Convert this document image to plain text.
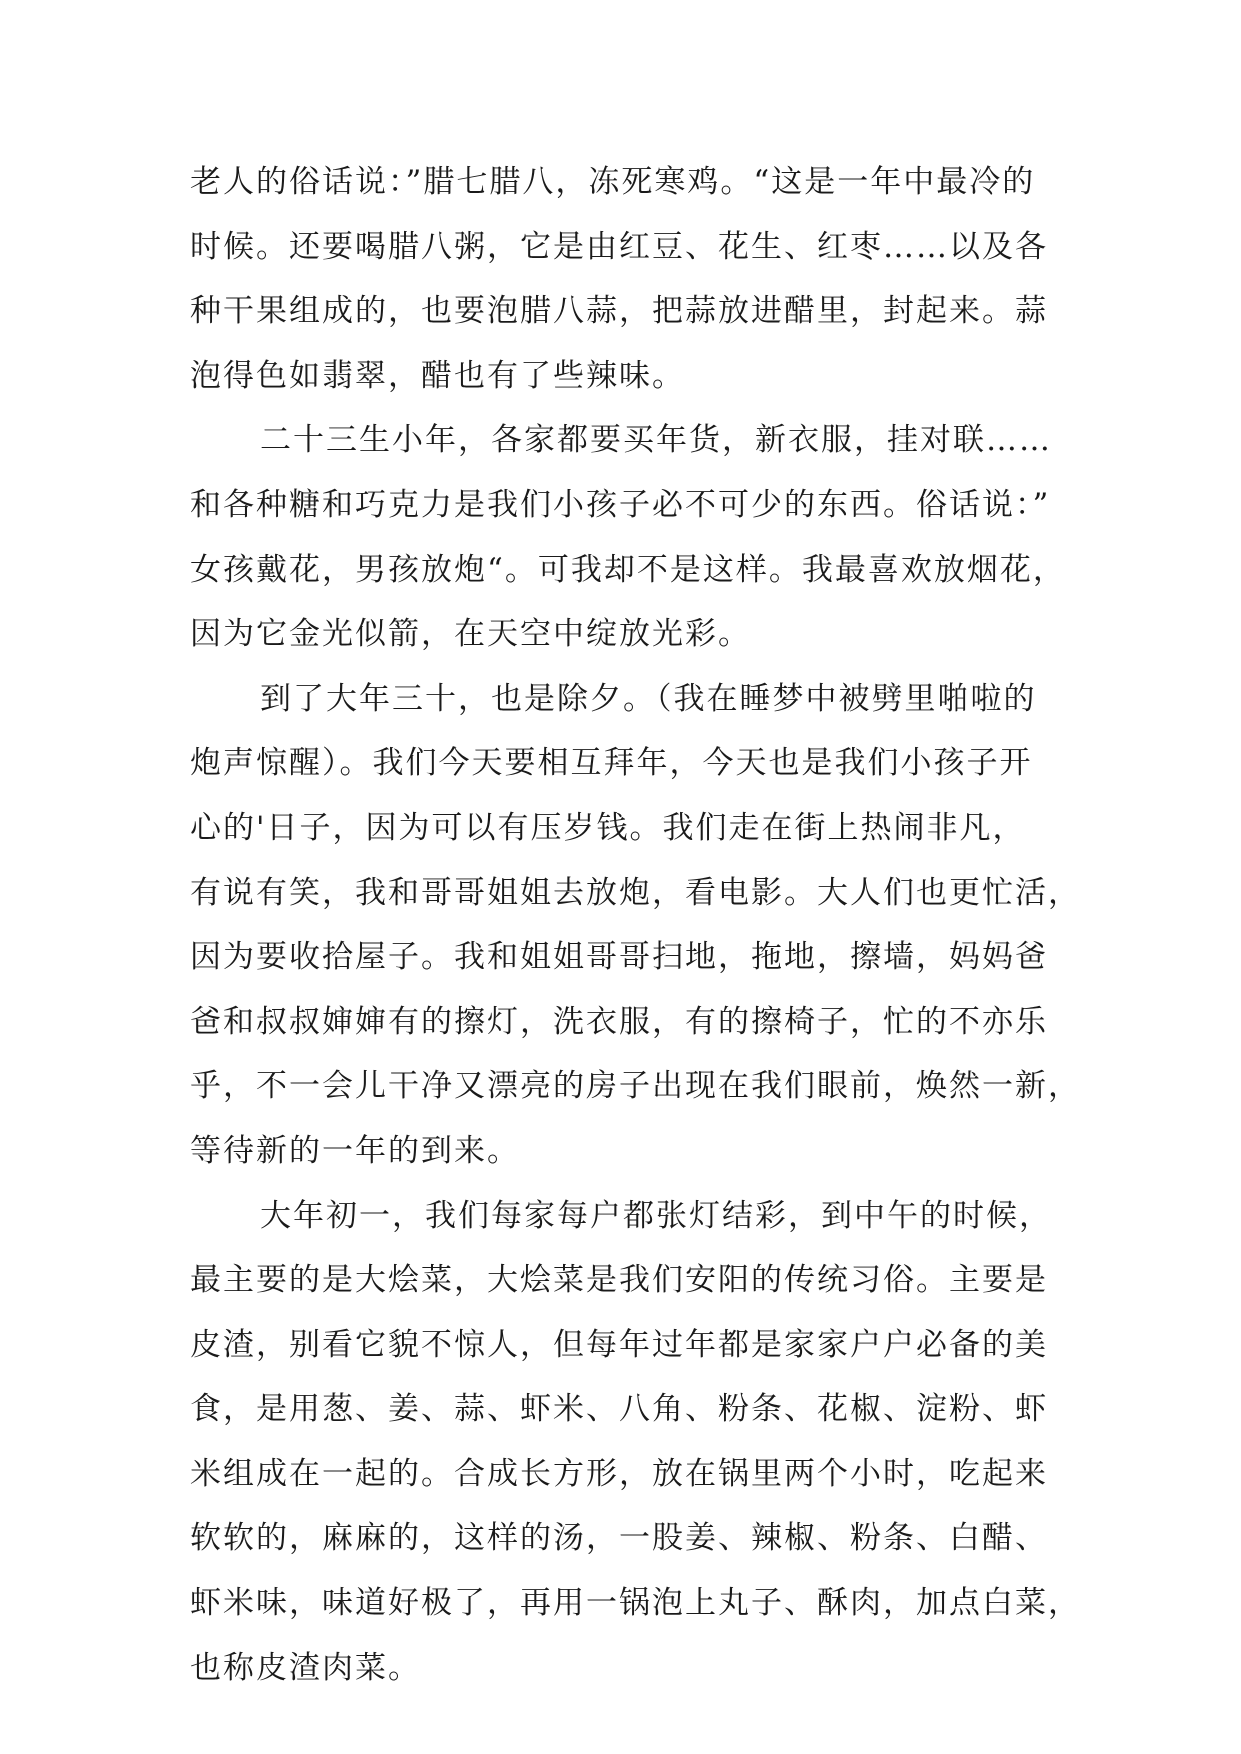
老人的俗话说：”腊七腊八，冻死寒鸡。“这是一年中最冷的
时候。还要喝腊八粥，它是由红豆、花生、红枣……以及各
种干果组成的，也要泡腊八蒜，把蒜放进醋里，封起来。蒜
泡得色如翡翠，醋也有了些辣味。
二十三生小年，各家都要买年货，新衣服，挂对联……
和各种糖和巧克力是我们小孩子必不可少的东西。俗话说：”
女孩戴花，男孩放炮“。可我却不是这样。我最喜欢放烟花，
因为它金光似箭，在天空中绽放光彩。
到了大年三十，也是除夕。（我在睡梦中被劈里啪啦的
炮声惊醒）。我们今天要相互拜年，今天也是我们小孩子开
心的'日子，因为可以有压岁钱。我们走在街上热闹非凡，
有说有笑，我和哥哥姐姐去放炮，看电影。大人们也更忙活，
因为要收拾屋子。我和姐姐哥哥扫地，拖地，擦墙，妈妈爸
爸和叔叔婶婶有的擦灯，洗衣服，有的擦椅子，忙的不亦乐
乎，不一会儿干净又漂亮的房子出现在我们眼前，焕然一新，
等待新的一年的到来。
大年初一，我们每家每户都张灯结彩，到中午的时候，
最主要的是大烩菜，大烩菜是我们安阳的传统习俗。主要是
皮渣，别看它貌不惊人，但每年过年都是家家户户必备的美
食，是用葱、姜、蒜、虾米、八角、粉条、花椒、淀粉、虾
米组成在一起的。合成长方形，放在锅里两个小时，吃起来
软软的，麻麻的，这样的汤，一股姜、辣椒、粉条、白醋、
虾米味，味道好极了，再用一锅泡上丸子、酥肉，加点白菜，
也称皮渣肉菜。
